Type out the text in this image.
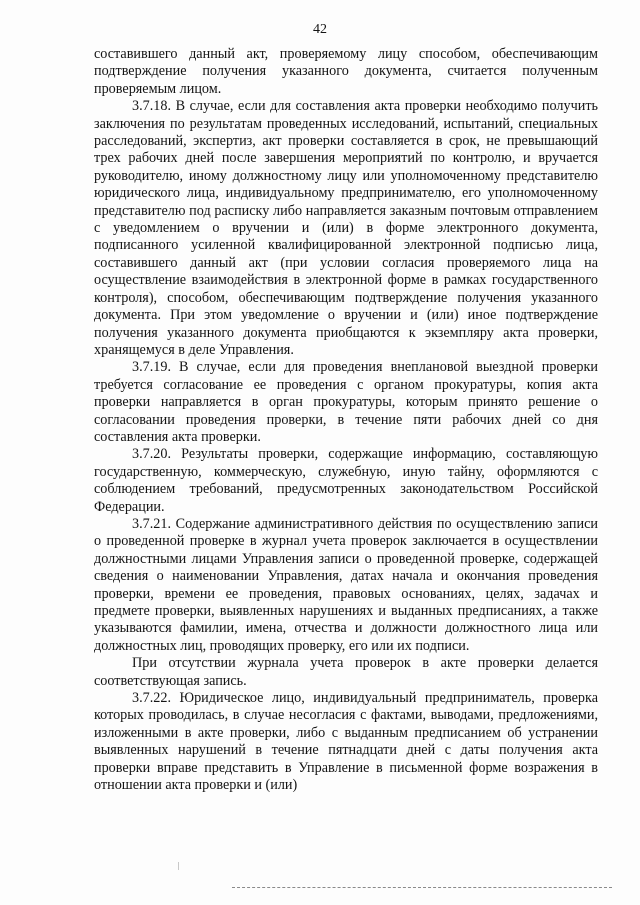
42

составившего данный акт, проверяемому лицу способом, обеспечивающим подтверждение получения указанного документа, считается полученным проверяемым лицом.

3.7.18. В случае, если для составления акта проверки необходимо получить заключения по результатам проведенных исследований, испытаний, специальных расследований, экспертиз, акт проверки составляется в срок, не превышающий трех рабочих дней после завершения мероприятий по контролю, и вручается руководителю, иному должностному лицу или уполномоченному представителю юридического лица, индивидуальному предпринимателю, его уполномоченному представителю под расписку либо направляется заказным почтовым отправлением с уведомлением о вручении и (или) в форме электронного документа, подписанного усиленной квалифицированной электронной подписью лица, составившего данный акт (при условии согласия проверяемого лица на осуществление взаимодействия в электронной форме в рамках государственного контроля), способом, обеспечивающим подтверждение получения указанного документа. При этом уведомление о вручении и (или) иное подтверждение получения указанного документа приобщаются к экземпляру акта проверки, хранящемуся в деле Управления.

3.7.19. В случае, если для проведения внеплановой выездной проверки требуется согласование ее проведения с органом прокуратуры, копия акта проверки направляется в орган прокуратуры, которым принято решение о согласовании проведения проверки, в течение пяти рабочих дней со дня составления акта проверки.

3.7.20. Результаты проверки, содержащие информацию, составляющую государственную, коммерческую, служебную, иную тайну, оформляются с соблюдением требований, предусмотренных законодательством Российской Федерации.

3.7.21. Содержание административного действия по осуществлению записи о проведенной проверке в журнал учета проверок заключается в осуществлении должностными лицами Управления записи о проведенной проверке, содержащей сведения о наименовании Управления, датах начала и окончания проведения проверки, времени ее проведения, правовых основаниях, целях, задачах и предмете проверки, выявленных нарушениях и выданных предписаниях, а также указываются фамилии, имена, отчества и должности должностного лица или должностных лиц, проводящих проверку, его или их подписи.

При отсутствии журнала учета проверок в акте проверки делается соответствующая запись.

3.7.22. Юридическое лицо, индивидуальный предприниматель, проверка которых проводилась, в случае несогласия с фактами, выводами, предложениями, изложенными в акте проверки, либо с выданным предписанием об устранении выявленных нарушений в течение пятнадцати дней с даты получения акта проверки вправе представить в Управление в письменной форме возражения в отношении акта проверки и (или)
